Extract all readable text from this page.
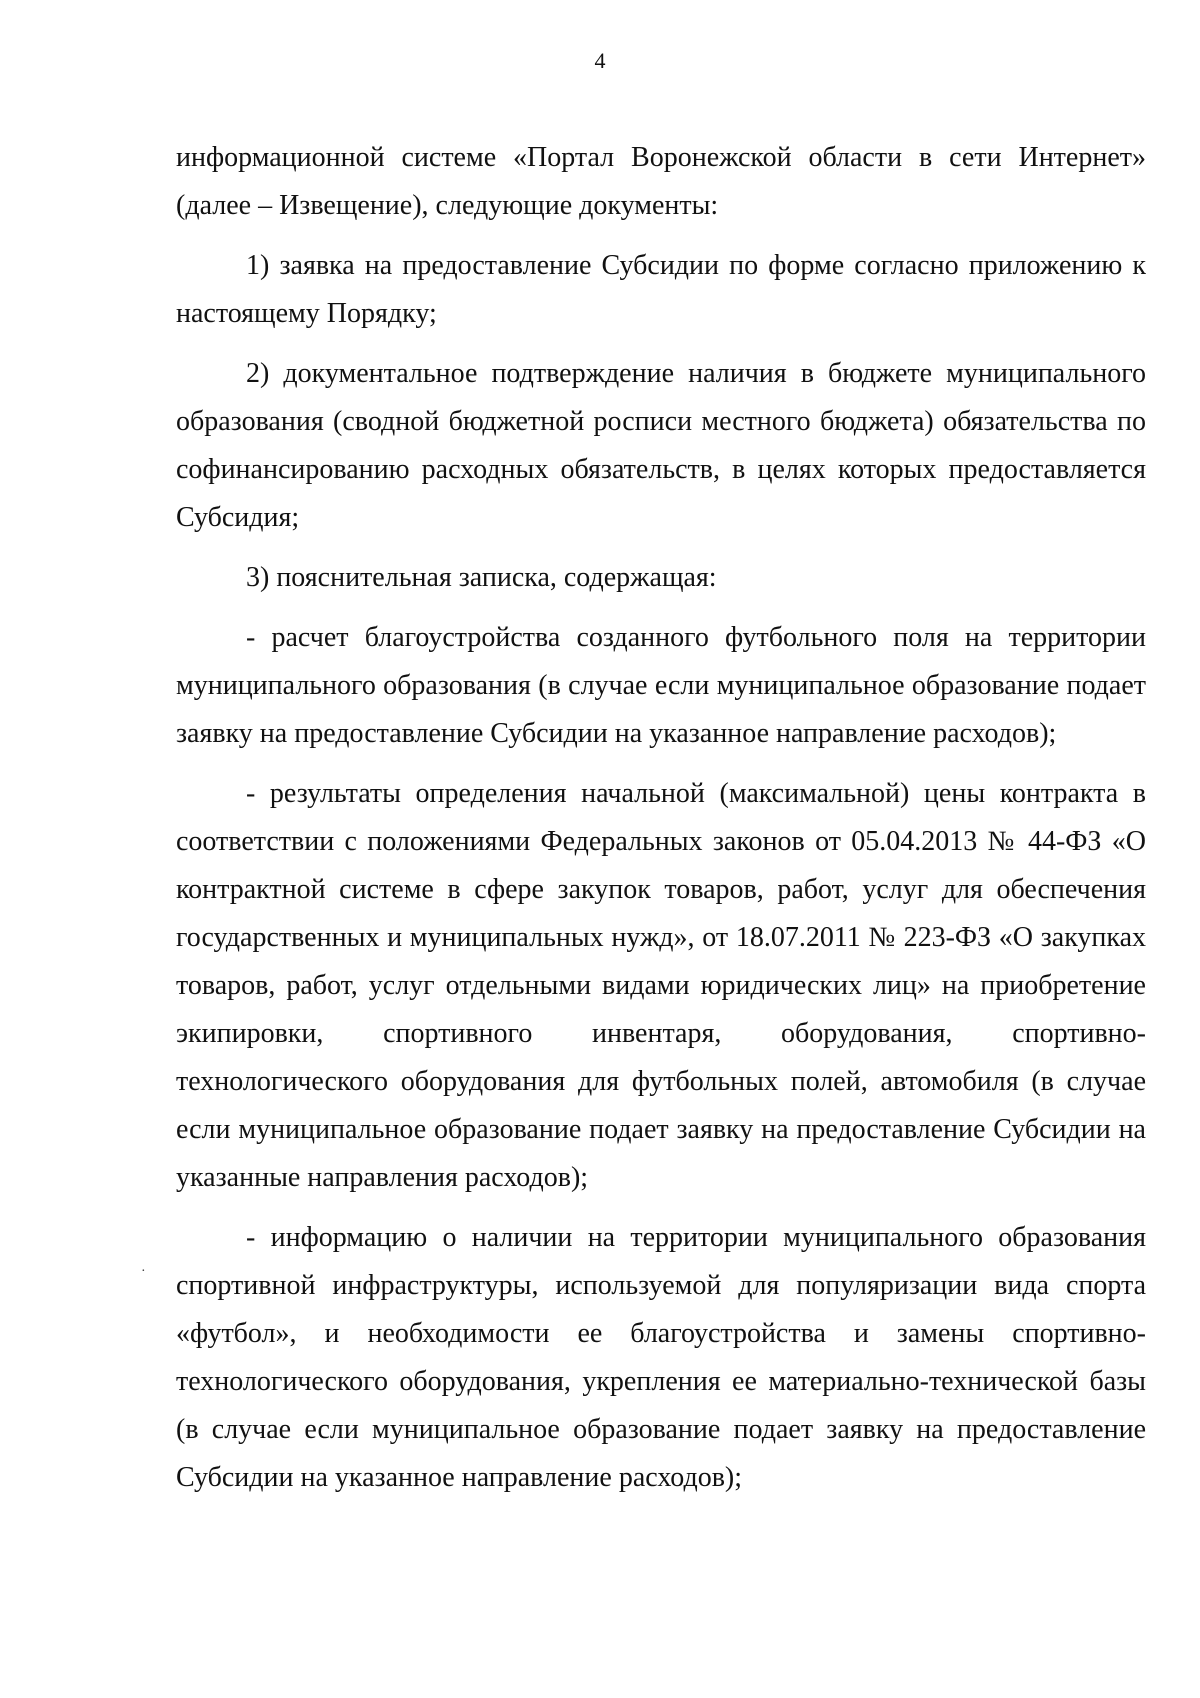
4

информационной системе «Портал Воронежской области в сети Интернет» (далее – Извещение), следующие документы:

1) заявка на предоставление Субсидии по форме согласно приложению к настоящему Порядку;

2) документальное подтверждение наличия в бюджете муниципального образования (сводной бюджетной росписи местного бюджета) обязательства по софинансированию расходных обязательств, в целях которых предоставляется Субсидия;

3) пояснительная записка, содержащая:

- расчет благоустройства созданного футбольного поля на территории муниципального образования (в случае если муниципальное образование подает заявку на предоставление Субсидии на указанное направление расходов);

- результаты определения начальной (максимальной) цены контракта в соответствии с положениями Федеральных законов от 05.04.2013 № 44-ФЗ «О контрактной системе в сфере закупок товаров, работ, услуг для обеспечения государственных и муниципальных нужд», от 18.07.2011 № 223-ФЗ «О закупках товаров, работ, услуг отдельными видами юридических лиц» на приобретение экипировки, спортивного инвентаря, оборудования, спортивно-технологического оборудования для футбольных полей, автомобиля (в случае если муниципальное образование подает заявку на предоставление Субсидии на указанные направления расходов);

- информацию о наличии на территории муниципального образования спортивной инфраструктуры, используемой для популяризации вида спорта «футбол», и необходимости ее благоустройства и замены спортивно-технологического оборудования, укрепления ее материально-технической базы (в случае если муниципальное образование подает заявку на предоставление Субсидии на указанное направление расходов);

·
